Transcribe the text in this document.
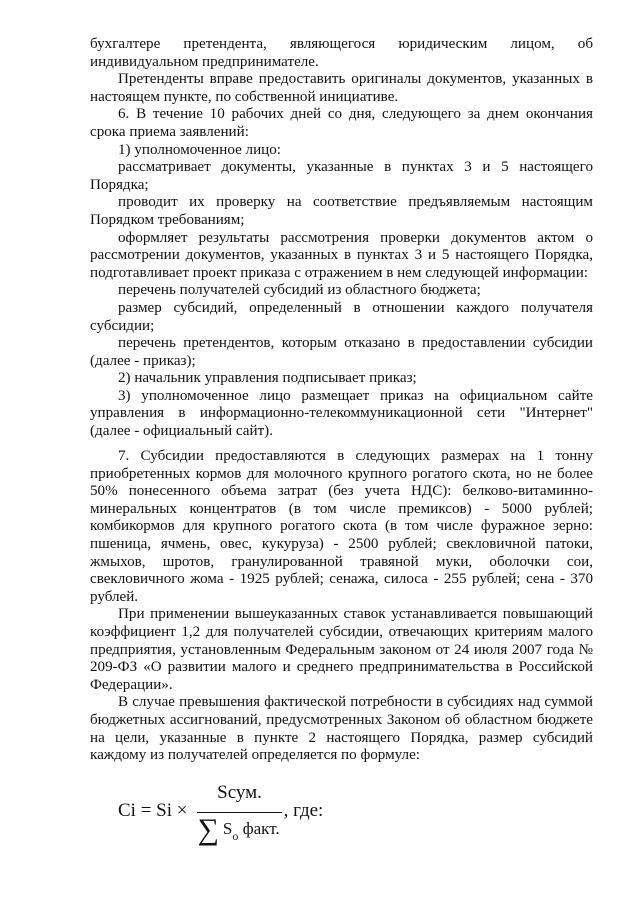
бухгалтере претендента, являющегося юридическим лицом, об индивидуальном предпринимателе.

Претенденты вправе предоставить оригиналы документов, указанных в настоящем пункте, по собственной инициативе.

6. В течение 10 рабочих дней со дня, следующего за днем окончания срока приема заявлений:

1) уполномоченное лицо:

рассматривает документы, указанные в пунктах 3 и 5 настоящего Порядка;

проводит их проверку на соответствие предъявляемым настоящим Порядком требованиям;

оформляет результаты рассмотрения проверки документов актом о рассмотрении документов, указанных в пунктах 3 и 5 настоящего Порядка, подготавливает проект приказа с отражением в нем следующей информации:

перечень получателей субсидий из областного бюджета;

размер субсидий, определенный в отношении каждого получателя субсидии;

перечень претендентов, которым отказано в предоставлении субсидии (далее - приказ);

2) начальник управления подписывает приказ;

3) уполномоченное лицо размещает приказ на официальном сайте управления в информационно-телекоммуникационной сети "Интернет" (далее - официальный сайт).

7. Субсидии предоставляются в следующих размерах на 1 тонну приобретенных кормов для молочного крупного рогатого скота, но не более 50% понесенного объема затрат (без учета НДС): белково-витаминно-минеральных концентратов (в том числе премиксов) - 5000 рублей; комбикормов для крупного рогатого скота (в том числе фуражное зерно: пшеница, ячмень, овес, кукуруза) - 2500 рублей; свекловичной патоки, жмыхов, шротов, гранулированной травяной муки, оболочки сои, свекловичного жома - 1925 рублей; сенажа, силоса - 255 рублей; сена - 370 рублей.

При применении вышеуказанных ставок устанавливается повышающий коэффициент 1,2 для получателей субсидии, отвечающих критериям малого предприятия, установленным Федеральным законом от 24 июля 2007 года № 209-ФЗ «О развитии малого и среднего предпринимательства в Российской Федерации».

В случае превышения фактической потребности в субсидиях над суммой бюджетных ассигнований, предусмотренных Законом об областном бюджете на цели, указанные в пункте 2 настоящего Порядка, размер субсидий каждому из получателей определяется по формуле:

Ci = Si ×
Sсум.
∑ $S_o$ факт.
, где:
